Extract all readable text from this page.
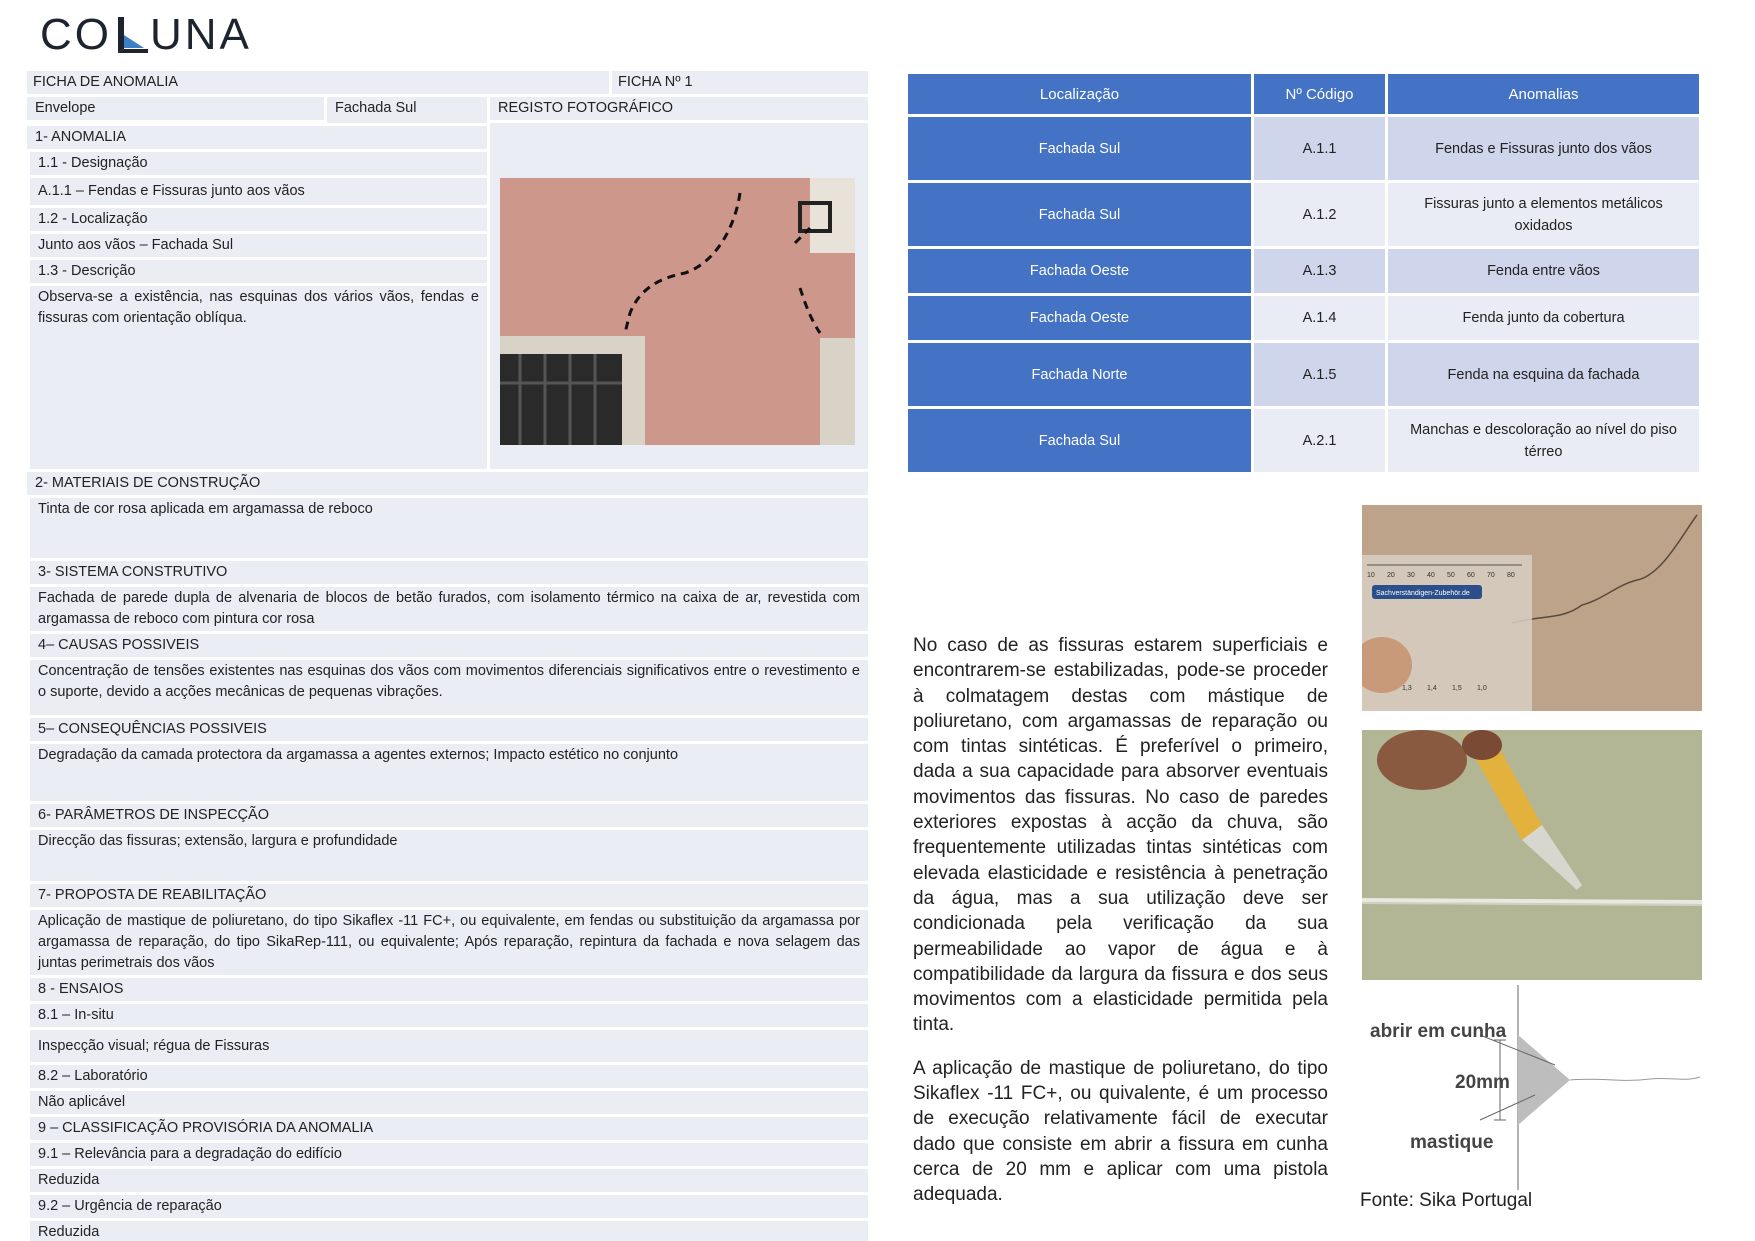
CO UNA
FICHA DE ANOMALIA	FICHA Nº 1
Envelope	Fachada Sul
1- ANOMALIA
1.1 - Designação
A.1.1 – Fendas e Fissuras junto aos vãos
1.2 - Localização
Junto aos vãos – Fachada Sul
1.3 - Descrição
Observa-se a existência, nas esquinas dos vários vãos, fendas e fissuras com orientação oblíqua.
REGISTO FOTOGRÁFICO
2- MATERIAIS DE CONSTRUÇÃO
Tinta de cor rosa aplicada em argamassa de reboco
3- SISTEMA CONSTRUTIVO
Fachada de parede dupla de alvenaria de blocos de betão furados, com isolamento térmico na caixa de ar, revestida com argamassa de reboco com pintura cor rosa
4– CAUSAS POSSIVEIS
Concentração de tensões existentes nas esquinas dos vãos com movimentos diferenciais significativos entre o revestimento e o suporte, devido a acções mecânicas de pequenas vibrações.
5– CONSEQUÊNCIAS POSSIVEIS
Degradação da camada protectora da argamassa a agentes externos; Impacto estético no conjunto
6- PARÂMETROS DE INSPECÇÃO
Direcção das fissuras; extensão, largura e profundidade
7- PROPOSTA DE REABILITAÇÃO
Aplicação de mastique de poliuretano, do tipo Sikaflex -11 FC+, ou equivalente, em fendas ou substituição da argamassa por argamassa de reparação, do tipo SikaRep-111, ou equivalente; Após reparação, repintura da fachada e nova selagem das juntas perimetrais dos vãos
8 - ENSAIOS
8.1 – In-situ
Inspecção visual; régua de Fissuras
8.2 – Laboratório
Não aplicável
9 – CLASSIFICAÇÃO PROVISÓRIA DA ANOMALIA
9.1 – Relevância para a degradação do edifício
Reduzida
9.2 – Urgência de reparação
Reduzida
Localização	Nº Código	Anomalias
Fachada Sul	A.1.1	Fendas e Fissuras junto dos vãos
Fachada Sul	A.1.2	Fissuras junto a elementos metálicos oxidados
Fachada Oeste	A.1.3	Fenda entre vãos
Fachada Oeste	A.1.4	Fenda junto da cobertura
Fachada Norte	A.1.5	Fenda na esquina da fachada
Fachada Sul	A.2.1	Manchas e descoloração ao nível do piso térreo

No caso de as fissuras estarem superficiais e encontrarem-se estabilizadas, pode-se proceder à colmatagem destas com mástique de poliuretano, com argamassas de reparação ou com tintas sintéticas. É preferível o primeiro, dada a sua capacidade para absorver eventuais movimentos das fissuras. No caso de paredes exteriores expostas à acção da chuva, são frequentemente utilizadas tintas sintéticas com elevada elasticidade e resistência à penetração da água, mas a sua utilização deve ser condicionada pela verificação da sua permeabilidade ao vapor de água e à compatibilidade da largura da fissura e dos seus movimentos com a elasticidade permitida pela tinta.

A aplicação de mastique de poliuretano, do tipo Sikaflex -11 FC+, ou quivalente, é um processo de execução relativamente fácil de executar dado que consiste em abrir a fissura em cunha cerca de 20 mm e aplicar com uma pistola adequada.

10 20 30 40 50 60 70 80
Sachverständigen-Zubehör.de
1,3 1,4 1,5 1,0
abrir em cunha
20mm
mastique
Fonte: Sika Portugal
